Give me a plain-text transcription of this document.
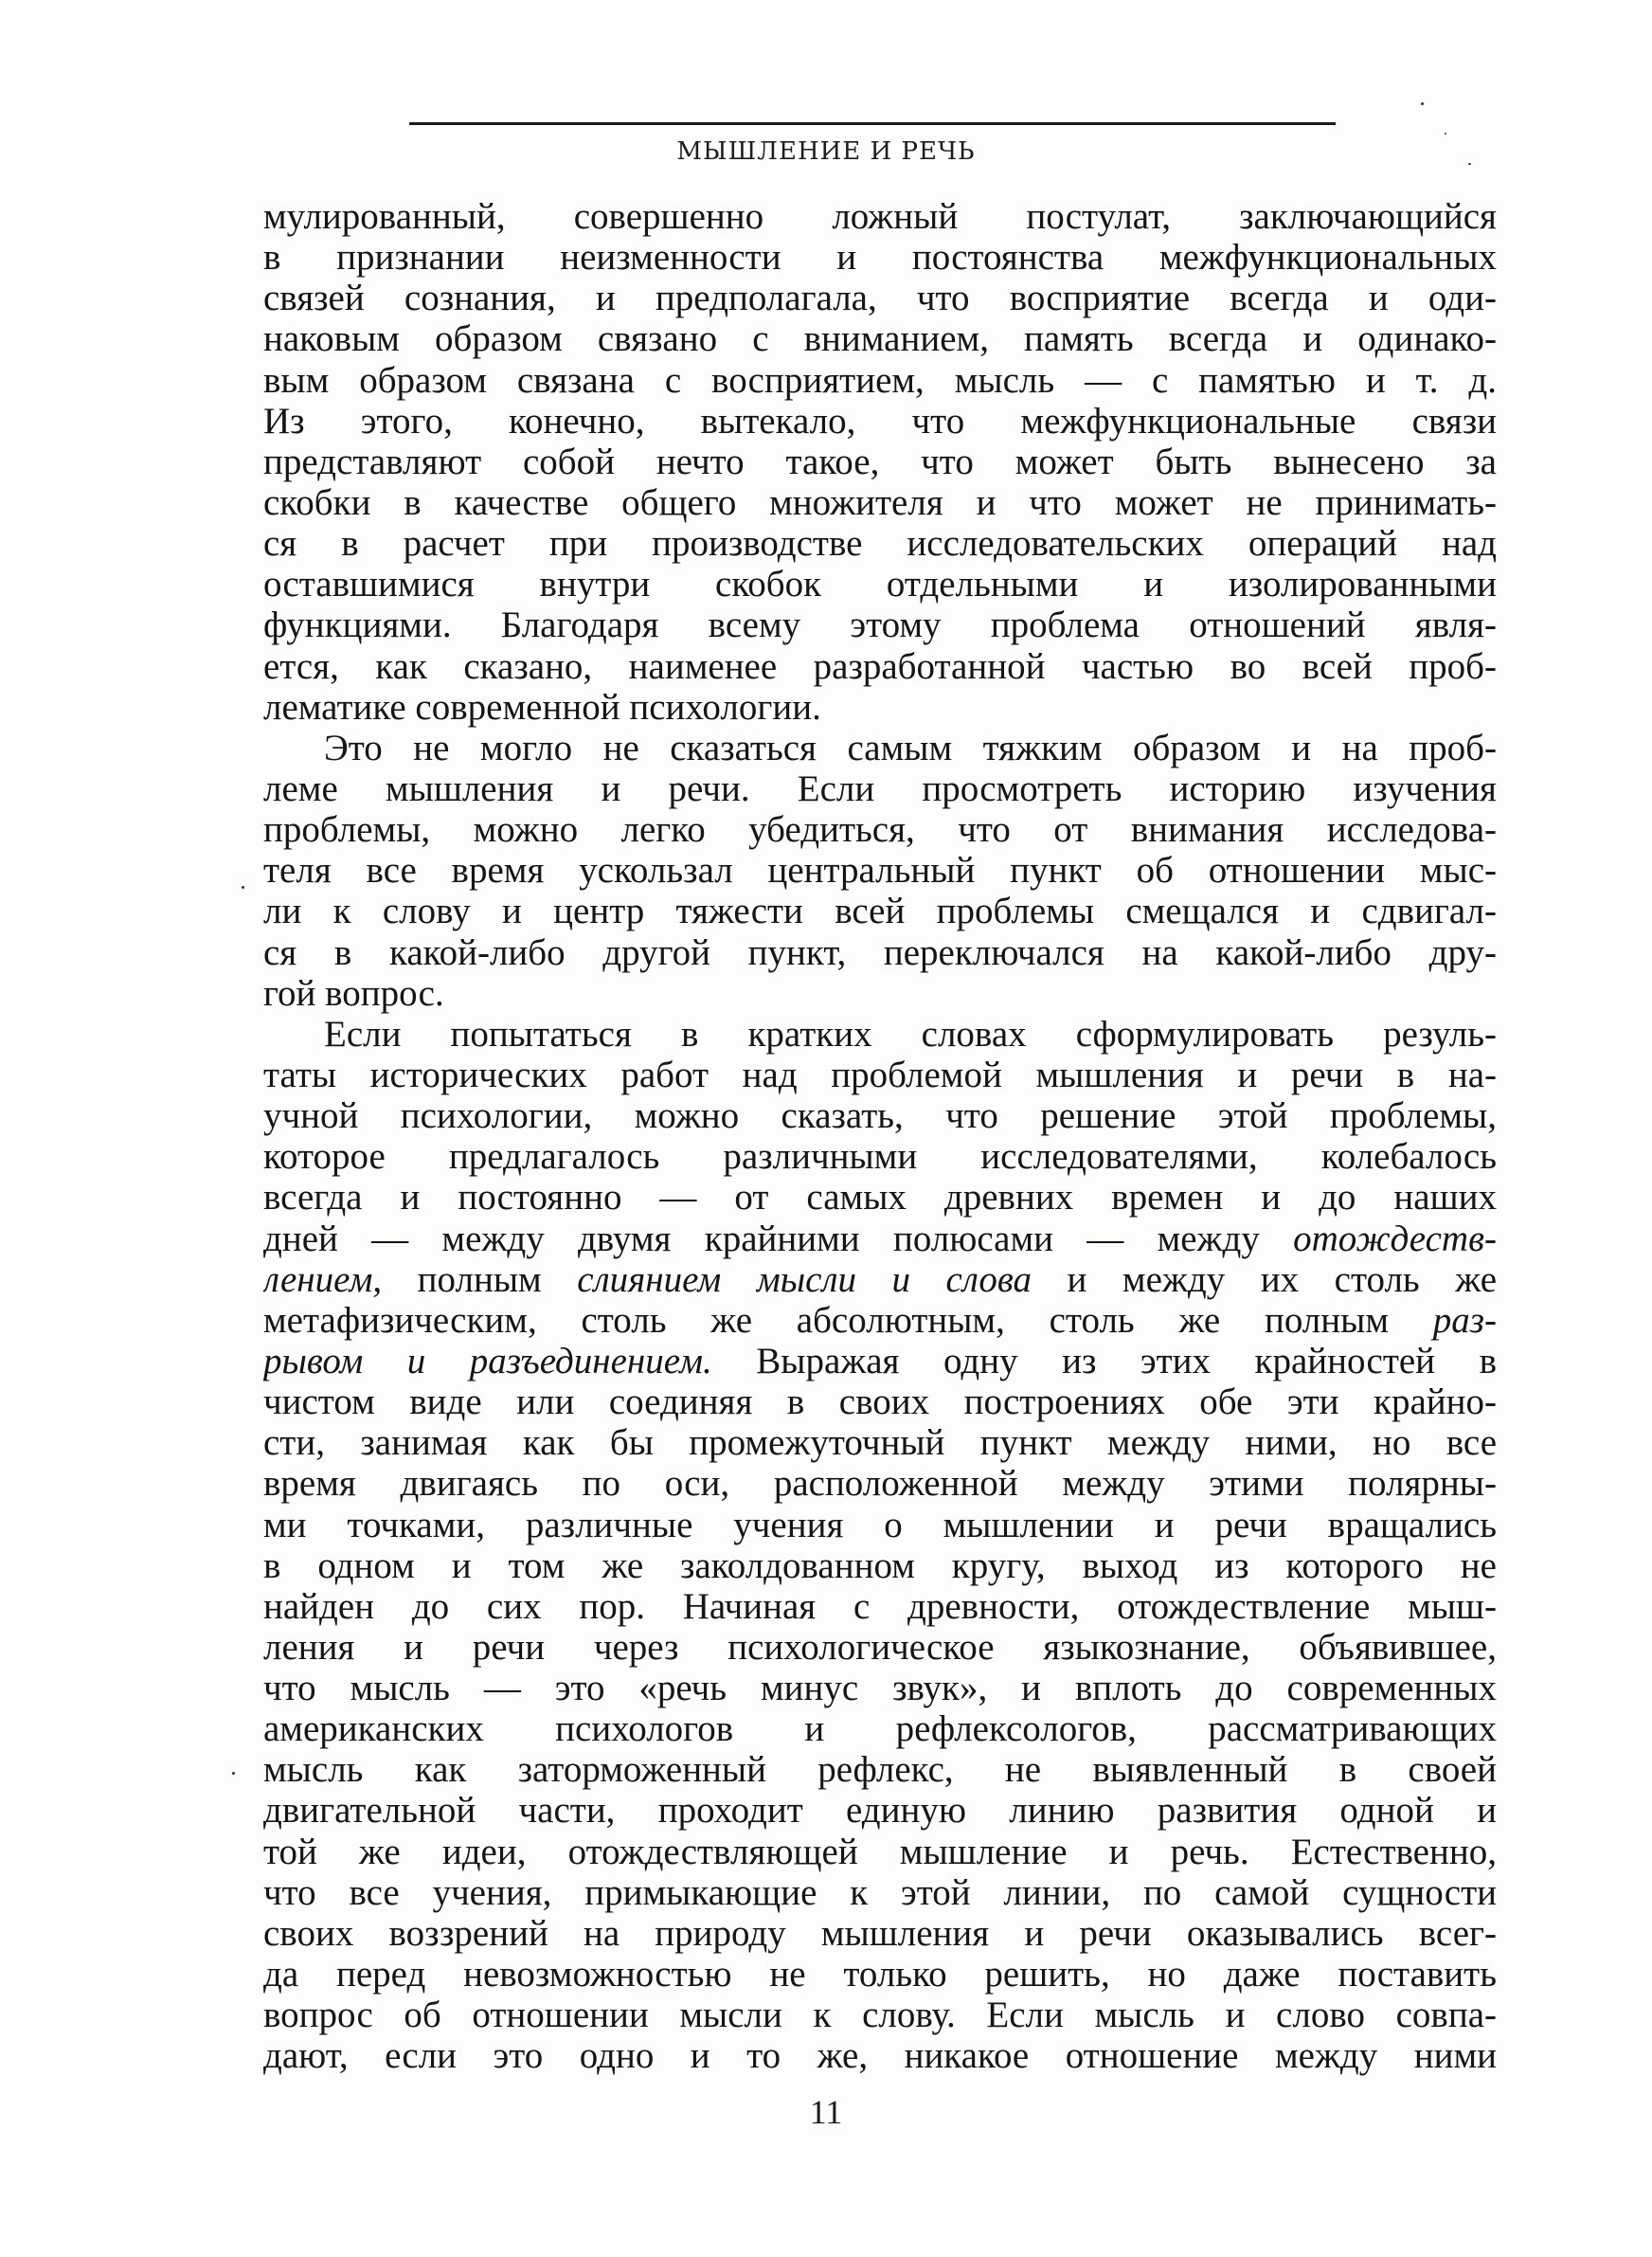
МЫШЛЕНИЕ И РЕЧЬ
мулированный, совершенно ложный постулат, заключающийся
в признании неизменности и постоянства межфункциональных
связей сознания, и предполагала, что восприятие всегда и оди-
наковым образом связано с вниманием, память всегда и одинако-
вым образом связана с восприятием, мысль — с памятью и т. д.
Из этого, конечно, вытекало, что межфункциональные связи
представляют собой нечто такое, что может быть вынесено за
скобки в качестве общего множителя и что может не принимать-
ся в расчет при производстве исследовательских операций над
оставшимися внутри скобок отдельными и изолированными
функциями. Благодаря всему этому проблема отношений явля-
ется, как сказано, наименее разработанной частью во всей проб-
лематике современной психологии.
Это не могло не сказаться самым тяжким образом и на проб-
леме мышления и речи. Если просмотреть историю изучения
проблемы, можно легко убедиться, что от внимания исследова-
теля все время ускользал центральный пункт об отношении мыс-
ли к слову и центр тяжести всей проблемы смещался и сдвигал-
ся в какой-либо другой пункт, переключался на какой-либо дру-
гой вопрос.
Если попытаться в кратких словах сформулировать резуль-
таты исторических работ над проблемой мышления и речи в на-
учной психологии, можно сказать, что решение этой проблемы,
которое предлагалось различными исследователями, колебалось
всегда и постоянно — от самых древних времен и до наших
дней — между двумя крайними полюсами — между отождеств-
лением, полным слиянием мысли и слова и между их столь же
метафизическим, столь же абсолютным, столь же полным раз-
рывом и разъединением. Выражая одну из этих крайностей в
чистом виде или соединяя в своих построениях обе эти крайно-
сти, занимая как бы промежуточный пункт между ними, но все
время двигаясь по оси, расположенной между этими полярны-
ми точками, различные учения о мышлении и речи вращались
в одном и том же заколдованном кругу, выход из которого не
найден до сих пор. Начиная с древности, отождествление мыш-
ления и речи через психологическое языкознание, объявившее,
что мысль — это «речь минус звук», и вплоть до современных
американских психологов и рефлексологов, рассматривающих
мысль как заторможенный рефлекс, не выявленный в своей
двигательной части, проходит единую линию развития одной и
той же идеи, отождествляющей мышление и речь. Естественно,
что все учения, примыкающие к этой линии, по самой сущности
своих воззрений на природу мышления и речи оказывались всег-
да перед невозможностью не только решить, но даже поставить
вопрос об отношении мысли к слову. Если мысль и слово совпа-
дают, если это одно и то же, никакое отношение между ними
11
